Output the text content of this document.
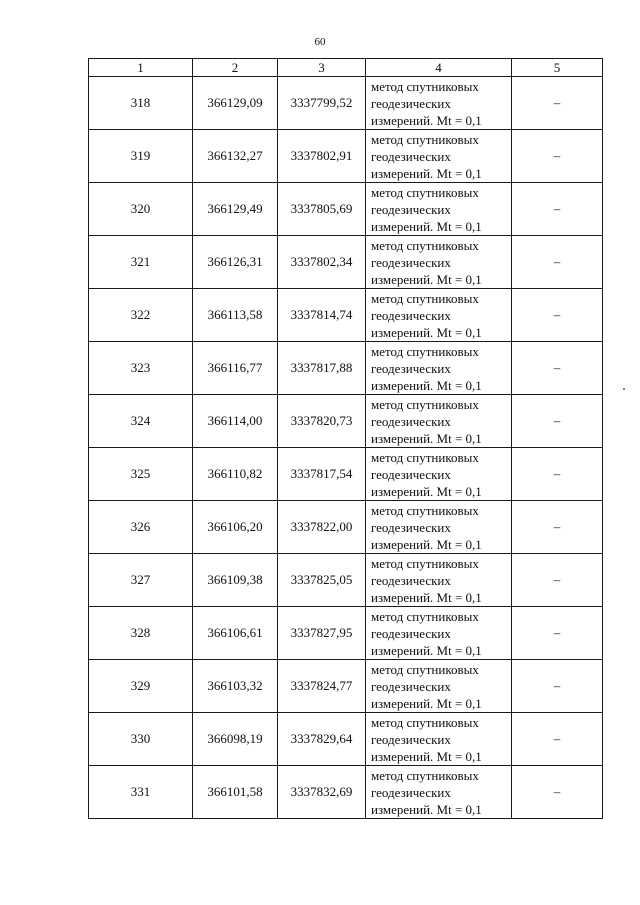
60
1	2	3	4	5
318	366129,09	3337799,52	метод спутниковых
геодезических
измерений. Mt = 0,1	–
319	366132,27	3337802,91	метод спутниковых
геодезических
измерений. Mt = 0,1	–
320	366129,49	3337805,69	метод спутниковых
геодезических
измерений. Mt = 0,1	–
321	366126,31	3337802,34	метод спутниковых
геодезических
измерений. Mt = 0,1	–
322	366113,58	3337814,74	метод спутниковых
геодезических
измерений. Mt = 0,1	–
323	366116,77	3337817,88	метод спутниковых
геодезических
измерений. Mt = 0,1	–
324	366114,00	3337820,73	метод спутниковых
геодезических
измерений. Mt = 0,1	–
325	366110,82	3337817,54	метод спутниковых
геодезических
измерений. Mt = 0,1	–
326	366106,20	3337822,00	метод спутниковых
геодезических
измерений. Mt = 0,1	–
327	366109,38	3337825,05	метод спутниковых
геодезических
измерений. Mt = 0,1	–
328	366106,61	3337827,95	метод спутниковых
геодезических
измерений. Mt = 0,1	–
329	366103,32	3337824,77	метод спутниковых
геодезических
измерений. Mt = 0,1	–
330	366098,19	3337829,64	метод спутниковых
геодезических
измерений. Mt = 0,1	–
331	366101,58	3337832,69	метод спутниковых
геодезических
измерений. Mt = 0,1	–
